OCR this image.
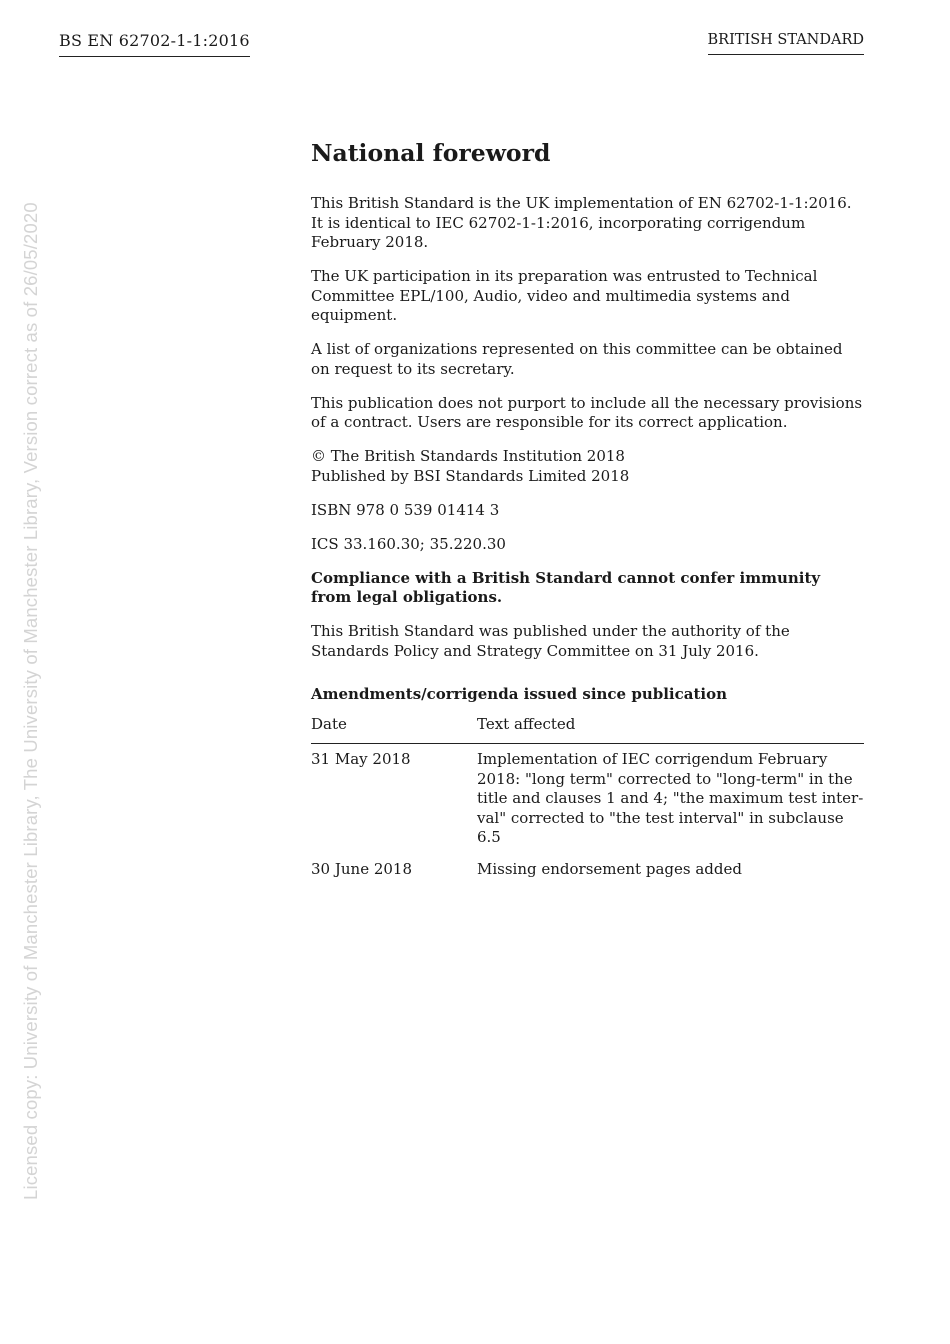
BS EN 62702-1-1:2016	BRITISH STANDARD
Licensed copy: University of Manchester Library, The University of Manchester Library, Version correct as of 26/05/2020
National foreword

This British Standard is the UK implementation of EN 62702-1-1:2016. It is identical to IEC 62702-1-1:2016, incorporating corrigendum February 2018.

The UK participation in its preparation was entrusted to Technical Committee EPL/100, Audio, video and multimedia systems and equipment.

A list of organizations represented on this committee can be obtained on request to its secretary.

This publication does not purport to include all the necessary provisions of a contract. Users are responsible for its correct application.

© The British Standards Institution 2018
Published by BSI Standards Limited 2018

ISBN 978 0 539 01414 3

ICS 33.160.30; 35.220.30

Compliance with a British Standard cannot confer immunity from legal obligations.

This British Standard was published under the authority of the Standards Policy and Strategy Committee on 31 July 2016.

Amendments/corrigenda issued since publication
Date	Text affected
31 May 2018	Implementation of IEC corrigendum February 2018: "long term" corrected to "long-term" in the title and clauses 1 and 4; "the maximum test inter-val" corrected to "the test interval" in subclause 6.5
30 June 2018	Missing endorsement pages added
